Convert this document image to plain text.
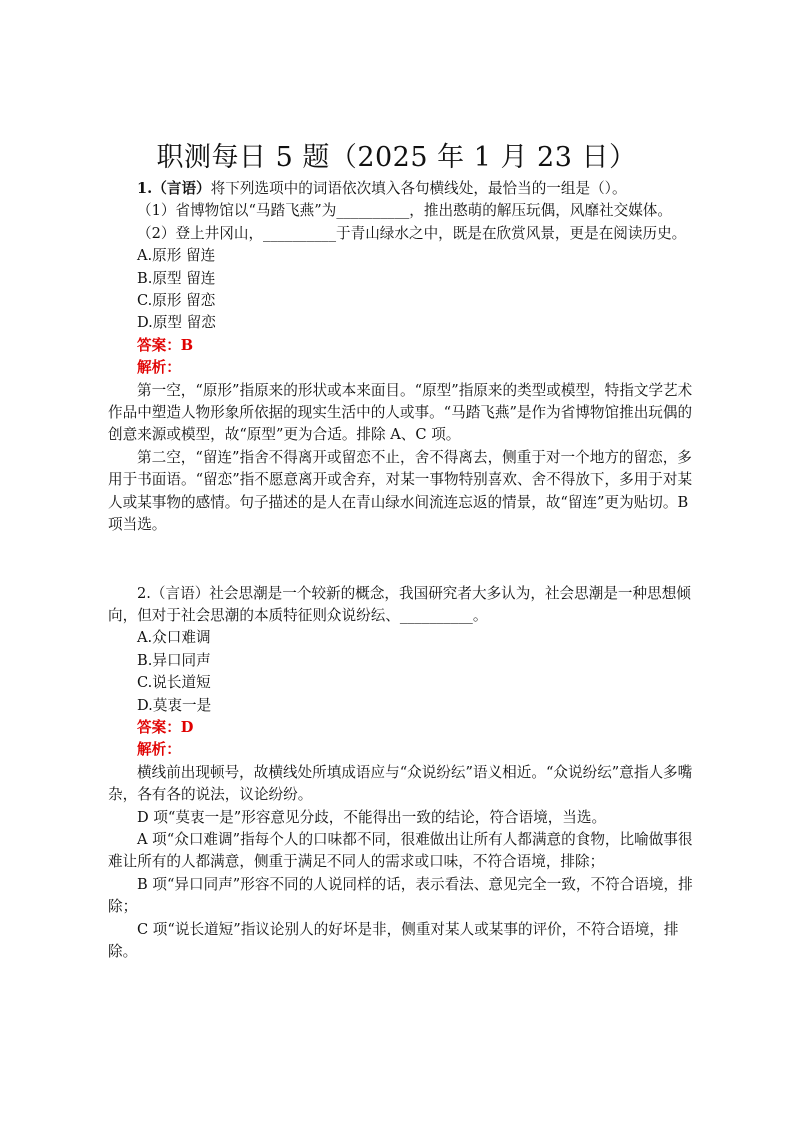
职测每日 5 题（2025 年 1 月 23 日）

1.（言语）将下列选项中的词语依次填入各句横线处，最恰当的一组是（）。

（1）省博物馆以“马踏飞燕”为__________，推出憨萌的解压玩偶，风靡社交媒体。

（2）登上井冈山，__________于青山绿水之中，既是在欣赏风景，更是在阅读历史。

A.原形 留连

B.原型 留连

C.原形 留恋

D.原型 留恋

答案：B

解析：

第一空，“原形”指原来的形状或本来面目。“原型”指原来的类型或模型，特指文学艺术作品中塑造人物形象所依据的现实生活中的人或事。“马踏飞燕”是作为省博物馆推出玩偶的创意来源或模型，故“原型”更为合适。排除 A、C 项。

第二空，“留连”指舍不得离开或留恋不止，舍不得离去，侧重于对一个地方的留恋，多用于书面语。“留恋”指不愿意离开或舍弃，对某一事物特别喜欢、舍不得放下，多用于对某人或某事物的感情。句子描述的是人在青山绿水间流连忘返的情景，故“留连”更为贴切。B 项当选。

2.（言语）社会思潮是一个较新的概念，我国研究者大多认为，社会思潮是一种思想倾向，但对于社会思潮的本质特征则众说纷纭、__________。

A.众口难调

B.异口同声

C.说长道短

D.莫衷一是

答案：D

解析：

横线前出现顿号，故横线处所填成语应与“众说纷纭”语义相近。“众说纷纭”意指人多嘴杂，各有各的说法，议论纷纷。

D 项“莫衷一是”形容意见分歧，不能得出一致的结论，符合语境，当选。

A 项“众口难调”指每个人的口味都不同，很难做出让所有人都满意的食物，比喻做事很难让所有的人都满意，侧重于满足不同人的需求或口味，不符合语境，排除；

B 项“异口同声”形容不同的人说同样的话，表示看法、意见完全一致，不符合语境，排除；

C 项“说长道短”指议论别人的好坏是非，侧重对某人或某事的评价，不符合语境，排除。
